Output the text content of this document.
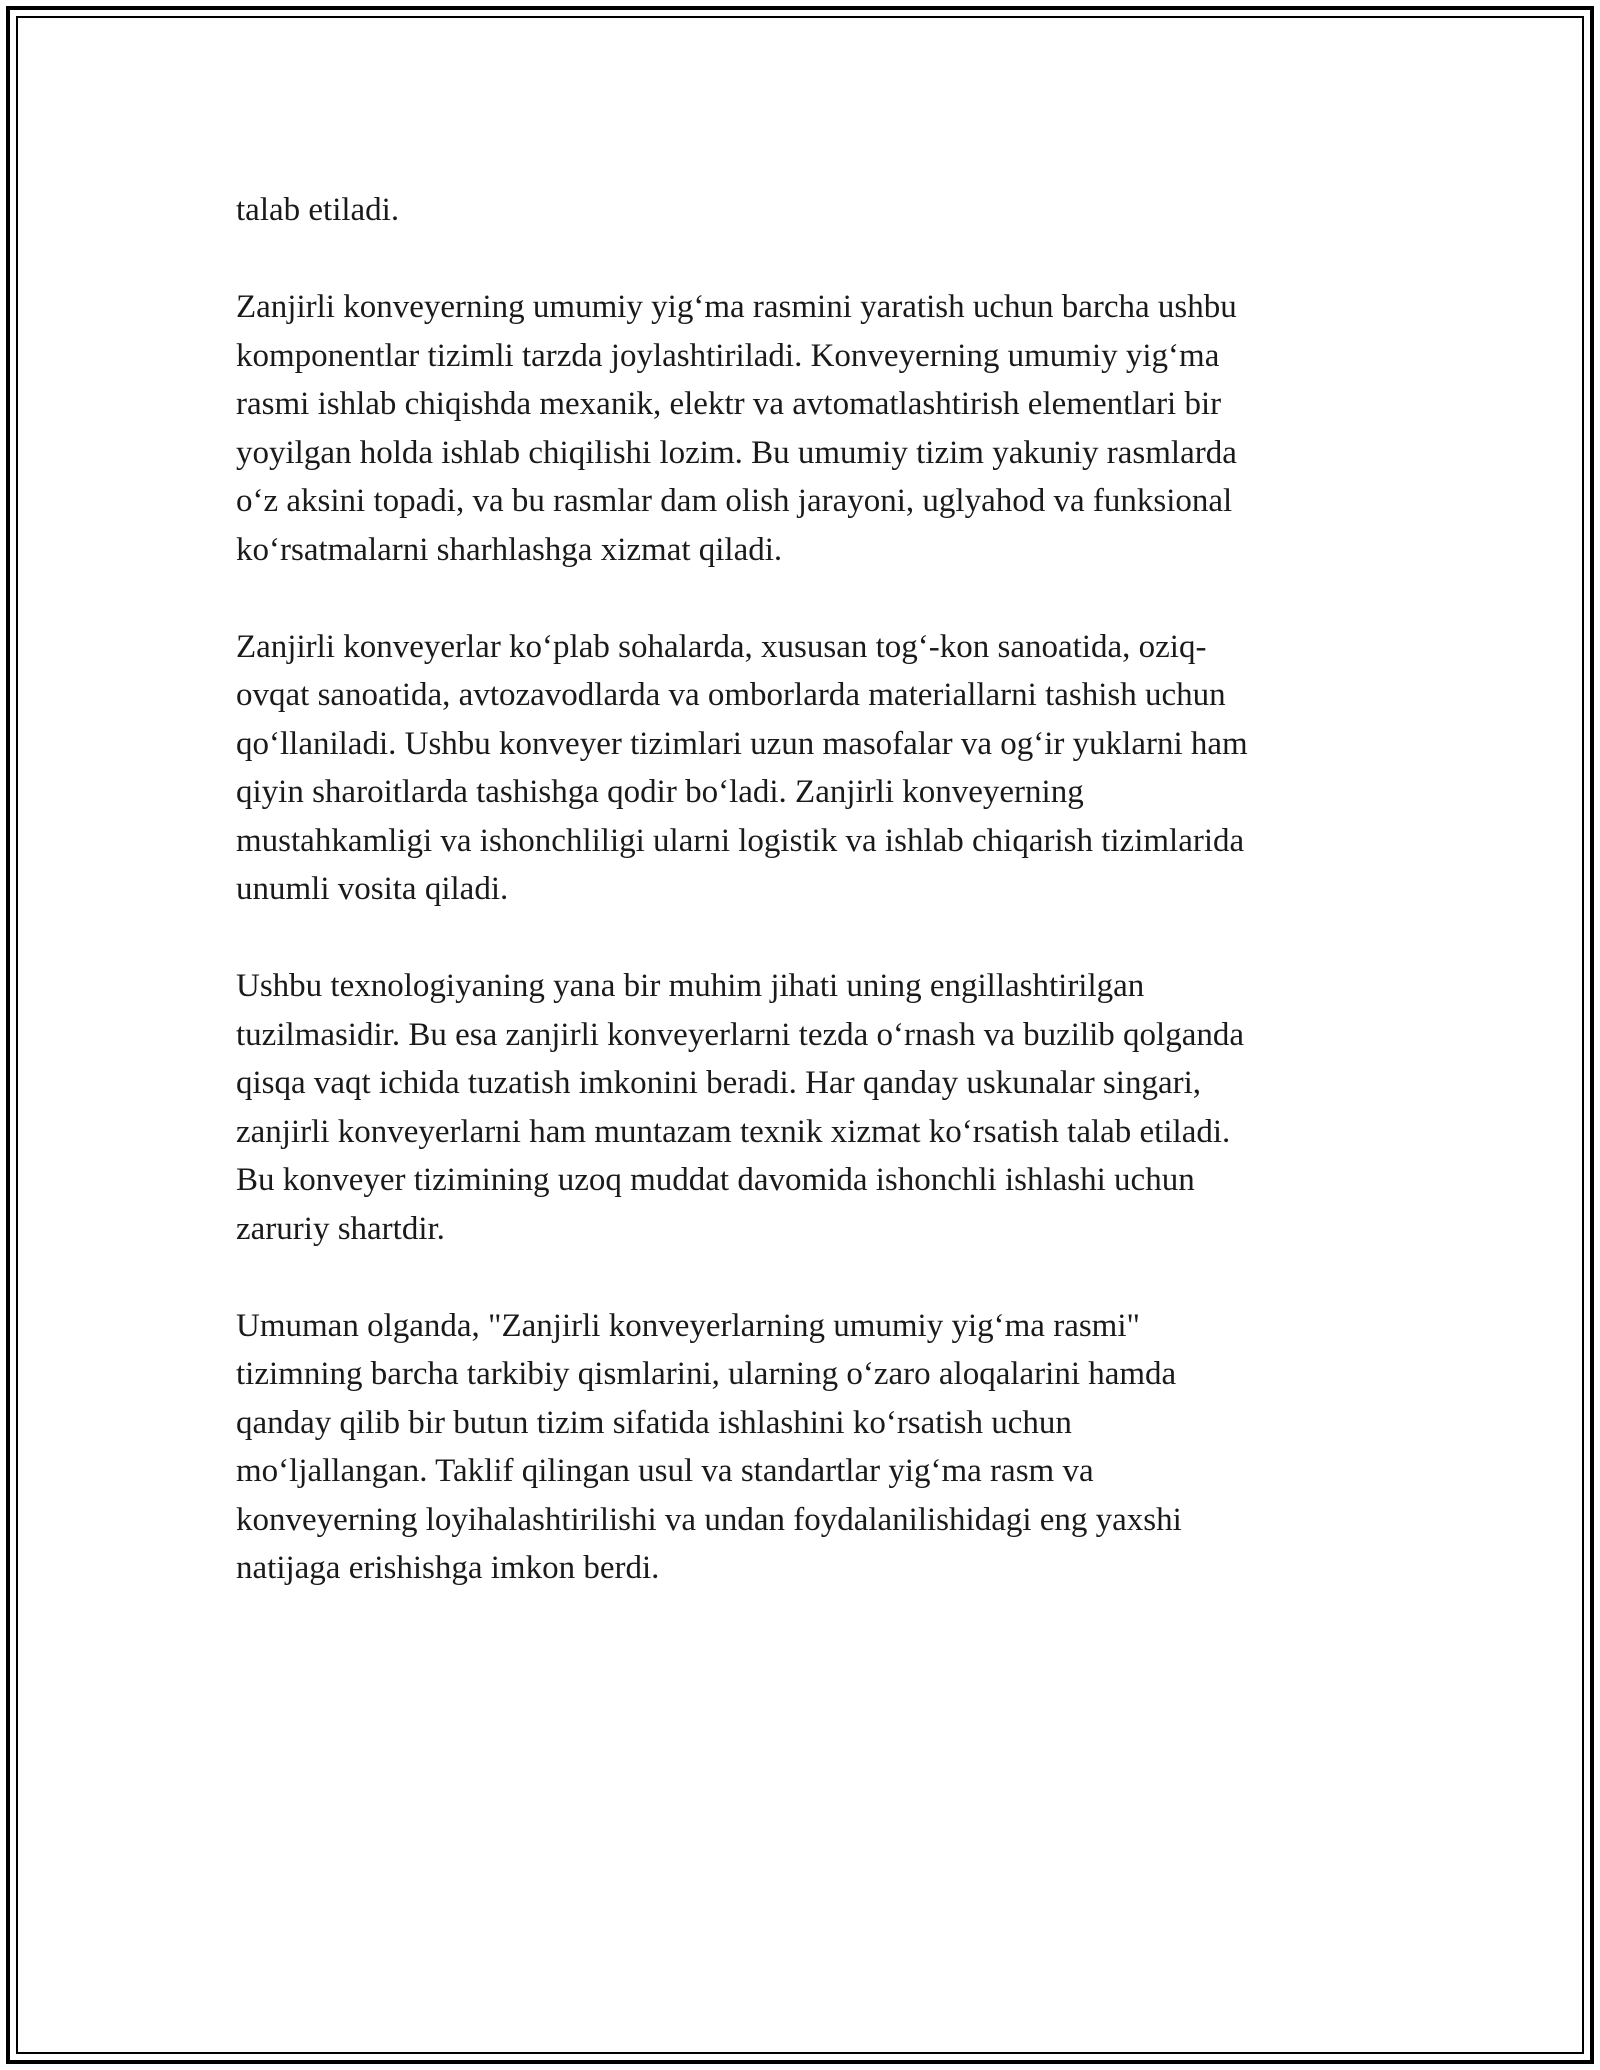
talab etiladi.

Zanjirli konveyerning umumiy yig‘ma rasmini yaratish uchun barcha ushbu
komponentlar tizimli tarzda joylashtiriladi. Konveyerning umumiy yig‘ma
rasmi ishlab chiqishda mexanik, elektr va avtomatlashtirish elementlari bir
yoyilgan holda ishlab chiqilishi lozim. Bu umumiy tizim yakuniy rasmlarda
o‘z aksini topadi, va bu rasmlar dam olish jarayoni, uglyahod va funksional
ko‘rsatmalarni sharhlashga xizmat qiladi.

Zanjirli konveyerlar ko‘plab sohalarda, xususan tog‘-kon sanoatida, oziq-
ovqat sanoatida, avtozavodlarda va omborlarda materiallarni tashish uchun
qo‘llaniladi. Ushbu konveyer tizimlari uzun masofalar va og‘ir yuklarni ham
qiyin sharoitlarda tashishga qodir bo‘ladi. Zanjirli konveyerning
mustahkamligi va ishonchliligi ularni logistik va ishlab chiqarish tizimlarida
unumli vosita qiladi.

Ushbu texnologiyaning yana bir muhim jihati uning engillashtirilgan
tuzilmasidir. Bu esa zanjirli konveyerlarni tezda o‘rnash va buzilib qolganda
qisqa vaqt ichida tuzatish imkonini beradi. Har qanday uskunalar singari,
zanjirli konveyerlarni ham muntazam texnik xizmat ko‘rsatish talab etiladi.
Bu konveyer tizimining uzoq muddat davomida ishonchli ishlashi uchun
zaruriy shartdir.

Umuman olganda, "Zanjirli konveyerlarning umumiy yig‘ma rasmi"
tizimning barcha tarkibiy qismlarini, ularning o‘zaro aloqalarini hamda
qanday qilib bir butun tizim sifatida ishlashini ko‘rsatish uchun
mo‘ljallangan. Taklif qilingan usul va standartlar yig‘ma rasm va
konveyerning loyihalashtirilishi va undan foydalanilishidagi eng yaxshi
natijaga erishishga imkon berdi.
